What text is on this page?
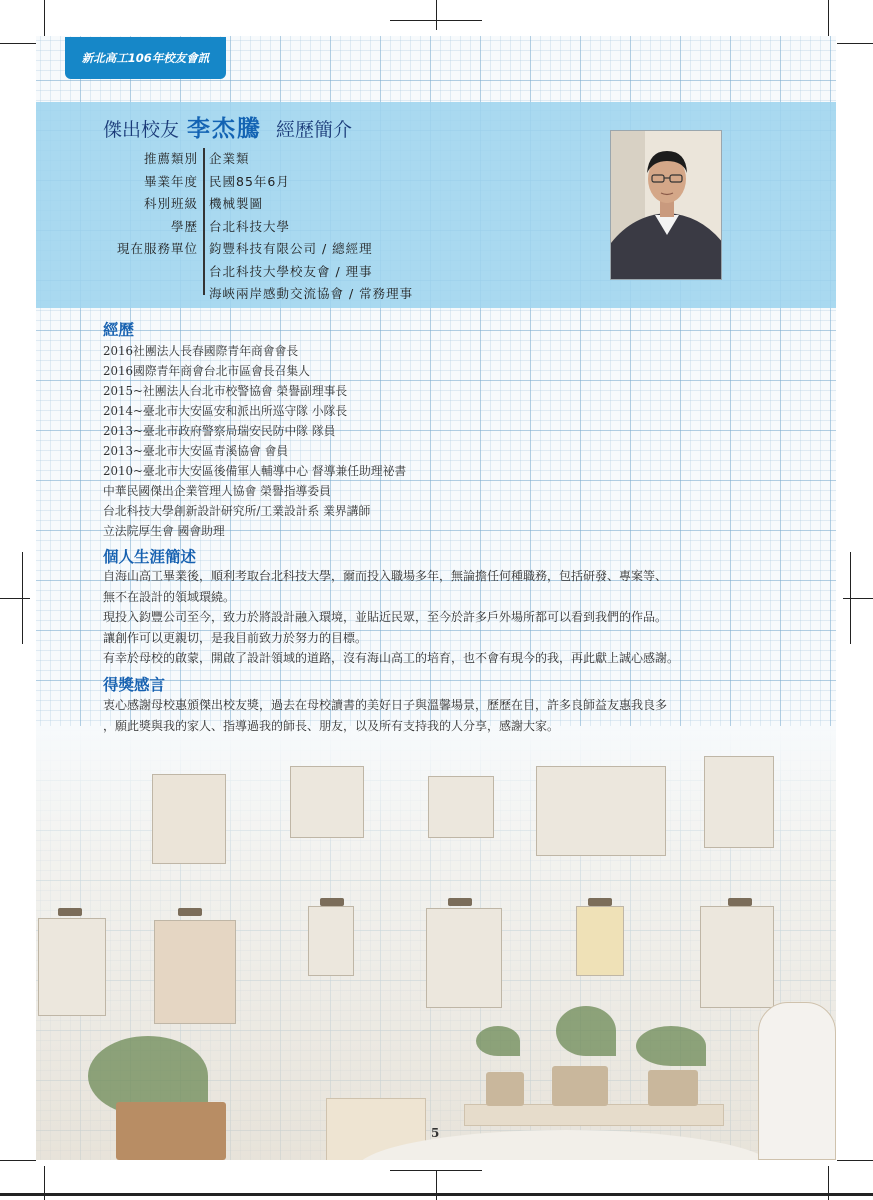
新北高工106年校友會訊
傑出校友 李杰騰 經歷簡介
推薦類別 企業類
畢業年度 民國85年6月
科別班級 機械製圖
學歷 台北科技大學
現在服務單位 鈞豐科技有限公司 / 總經理
台北科技大學校友會 / 理事
海峽兩岸感動交流協會 / 常務理事
經歷
2016社團法人長春國際青年商會會長
2016國際青年商會台北市區會長召集人
2015~社團法人台北市校警協會 榮譽副理事長
2014~臺北市大安區安和派出所巡守隊 小隊長
2013~臺北市政府警察局瑞安民防中隊 隊員
2013~臺北市大安區青溪協會 會員
2010~臺北市大安區後備軍人輔導中心 督導兼任助理祕書
中華民國傑出企業管理人協會 榮譽指導委員
台北科技大學創新設計研究所/工業設計系 業界講師
立法院厚生會 國會助理
個人生涯簡述

自海山高工畢業後，順利考取台北科技大學，爾而投入職場多年，無論擔任何種職務，包括研發、專案等、

無不在設計的領域環繞。

現投入鈞豐公司至今，致力於將設計融入環境，並貼近民眾，至今於許多戶外場所都可以看到我們的作品。

讓創作可以更親切，是我目前致力於努力的目標。

有幸於母校的啟蒙，開啟了設計領域的道路，沒有海山高工的培育，也不會有現今的我，再此獻上誠心感謝。

得獎感言

衷心感謝母校惠頒傑出校友獎，過去在母校讀書的美好日子與溫馨場景，歷歷在目，許多良師益友惠我良多

，願此獎與我的家人、指導過我的師長、朋友，以及所有支持我的人分享，感謝大家。

5
